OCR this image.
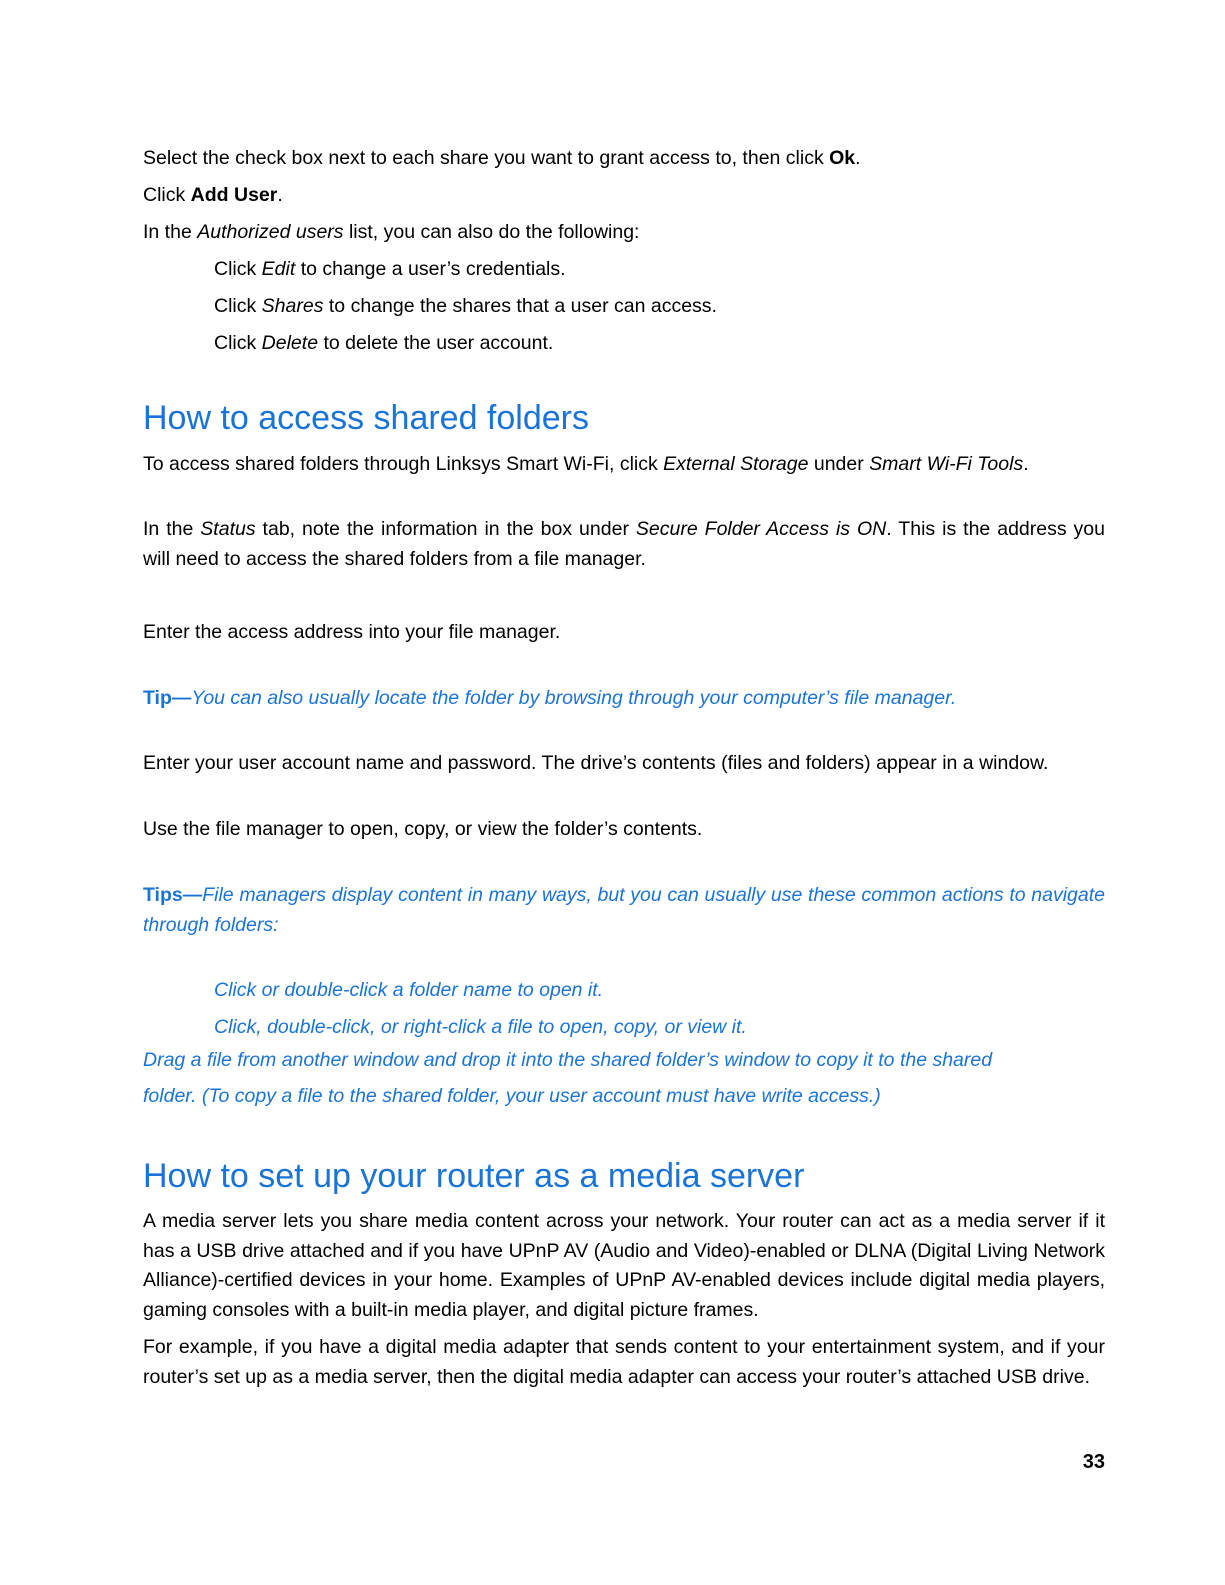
Select the check box next to each share you want to grant access to, then click Ok.
Click Add User.
In the Authorized users list, you can also do the following:
Click Edit to change a user’s credentials.
Click Shares to change the shares that a user can access.
Click Delete to delete the user account.
How to access shared folders
To access shared folders through Linksys Smart Wi-Fi, click External Storage under Smart Wi-Fi Tools.
In the Status tab, note the information in the box under Secure Folder Access is ON. This is the address you will need to access the shared folders from a file manager.
Enter the access address into your file manager.
Tip—You can also usually locate the folder by browsing through your computer’s file manager.
Enter your user account name and password. The drive’s contents (files and folders) appear in a window.
Use the file manager to open, copy, or view the folder’s contents.
Tips—File managers display content in many ways, but you can usually use these common actions to navigate through folders:
Click or double-click a folder name to open it.
Click, double-click, or right-click a file to open, copy, or view it.
Drag a file from another window and drop it into the shared folder’s window to copy it to the shared
folder. (To copy a file to the shared folder, your user account must have write access.)
How to set up your router as a media server
A media server lets you share media content across your network. Your router can act as a media server if it has a USB drive attached and if you have UPnP AV (Audio and Video)-enabled or DLNA (Digital Living Network Alliance)-certified devices in your home. Examples of UPnP AV-enabled devices include digital media players, gaming consoles with a built-in media player, and digital picture frames.
For example, if you have a digital media adapter that sends content to your entertainment system, and if your router’s set up as a media server, then the digital media adapter can access your router’s attached USB drive.
33
